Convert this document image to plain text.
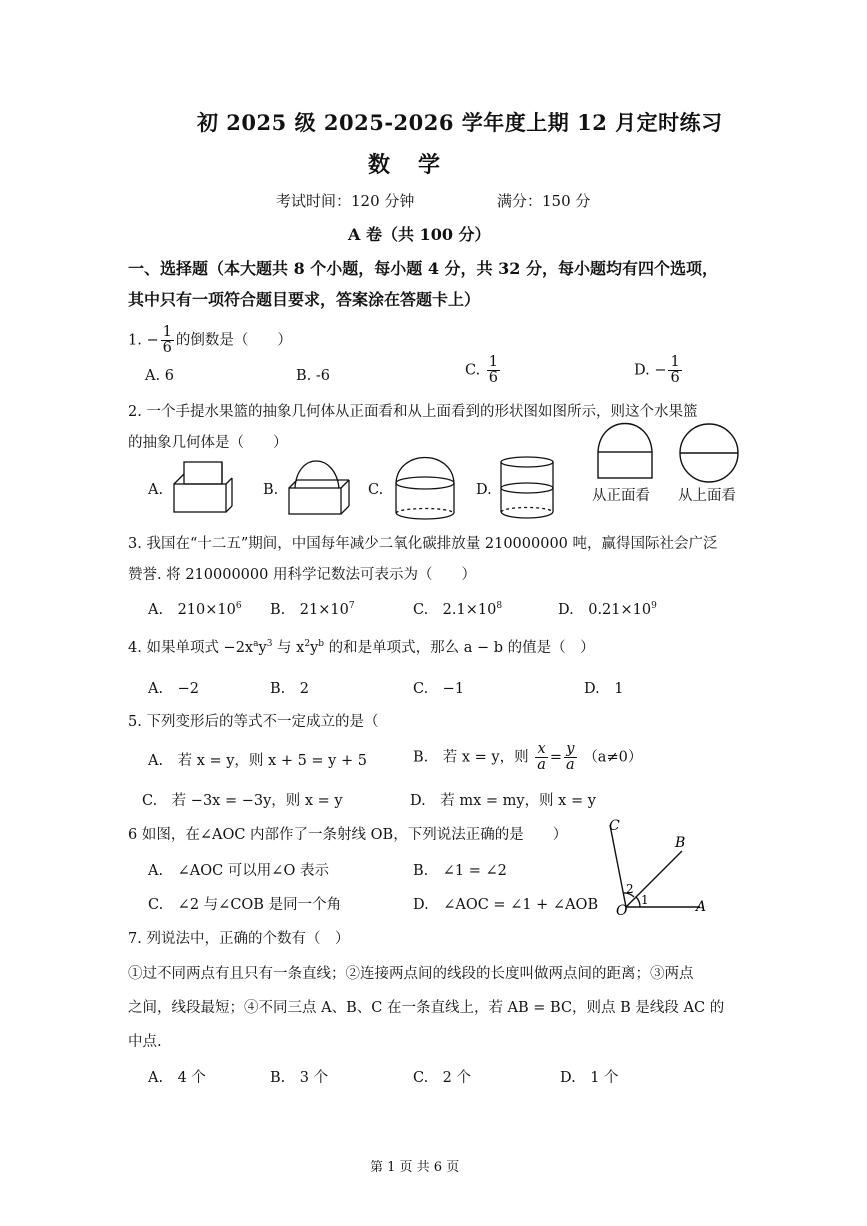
初 2025 级 2025-2026 学年度上期 12 月定时练习
数学
考试时间：120 分钟	满分：150 分
A 卷（共 100 分）
一、选择题（本大题共 8 个小题，每小题 4 分，共 32 分，每小题均有四个选项，
其中只有一项符合题目要求，答案涂在答题卡上）
1. − $\frac{1}{6}$ 的倒数是（　　）
A. 6	B. -6	C. $\frac{1}{6}$	D. − $\frac{1}{6}$
2. 一个手提水果篮的抽象几何体从正面看和从上面看到的形状图如图所示，则这个水果篮
的抽象几何体是（　　）
A.	B.	C.	D.	从正面看 从上面看
3. 我国在“十二五”期间，中国每年减少二氧化碳排放量 210000000 吨，赢得国际社会广泛
赞誉. 将 210000000 用科学记数法可表示为（　　）
A.　$210\times 10^6$ B.　$21\times 10^7$	C.　$2.1\times 10^8$	D.　$0.21\times 10^9$
4. 如果单项式 $-2x^ay^3$ 与 $x^2y^b$ 的和是单项式，那么 a − b 的值是（　）
A.　−2	B.　2	C.　−1	D.　1
5. 下列变形后的等式不一定成立的是（
A.　若 x = y，则 x + 5 = y + 5	B.　若 x = y，则 $\frac{x}{a} = \frac{y}{a} (a\ne 0)$
C.　若 −3x = −3y，则 x = y	D.　若 mx = my，则 x = y
6 如图，在∠AOC 内部作了一条射线 OB，下列说法正确的是　　）
A.　∠AOC 可以用∠O 表示	B.　∠1 = ∠2
C.　∠2 与∠COB 是同一个角	D.　∠AOC = ∠1 + ∠AOB
C
B
O	A
1
2
7. 列说法中，正确的个数有（　）
①过不同两点有且只有一条直线；②连接两点间的线段的长度叫做两点间的距离；③两点
之间，线段最短；④不同三点 A、B、C 在一条直线上，若 AB = BC，则点 B 是线段 AC 的
中点.
A.　4 个	B.　3 个	C.　2 个	D.　1 个
第 1 页 共 6 页
